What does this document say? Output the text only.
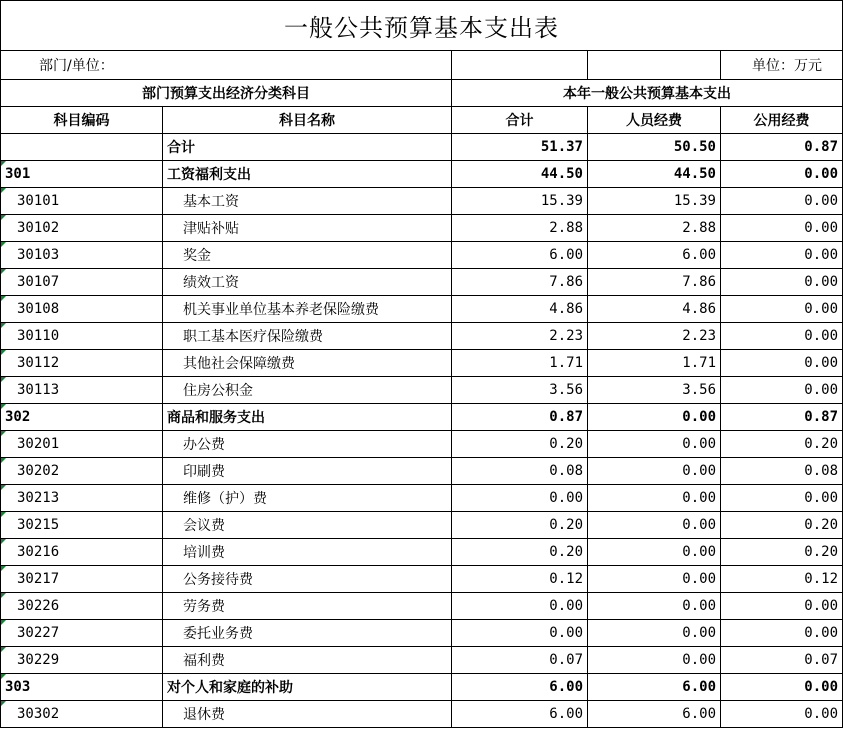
一般公共预算基本支出表				
部门/单位：				单位：万元
部门预算支出经济分类科目		本年一般公共预算基本支出		
科目编码	科目名称	合计	人员经费	公用经费
	合计	51.37	50.50	0.87
301	工资福利支出	44.50	44.50	0.00
30101	基本工资	15.39	15.39	0.00
30102	津贴补贴	2.88	2.88	0.00
30103	奖金	6.00	6.00	0.00
30107	绩效工资	7.86	7.86	0.00
30108	机关事业单位基本养老保险缴费	4.86	4.86	0.00
30110	职工基本医疗保险缴费	2.23	2.23	0.00
30112	其他社会保障缴费	1.71	1.71	0.00
30113	住房公积金	3.56	3.56	0.00
302	商品和服务支出	0.87	0.00	0.87
30201	办公费	0.20	0.00	0.20
30202	印刷费	0.08	0.00	0.08
30213	维修（护）费	0.00	0.00	0.00
30215	会议费	0.20	0.00	0.20
30216	培训费	0.20	0.00	0.20
30217	公务接待费	0.12	0.00	0.12
30226	劳务费	0.00	0.00	0.00
30227	委托业务费	0.00	0.00	0.00
30229	福利费	0.07	0.00	0.07
303	对个人和家庭的补助	6.00	6.00	0.00
30302	退休费	6.00	6.00	0.00
